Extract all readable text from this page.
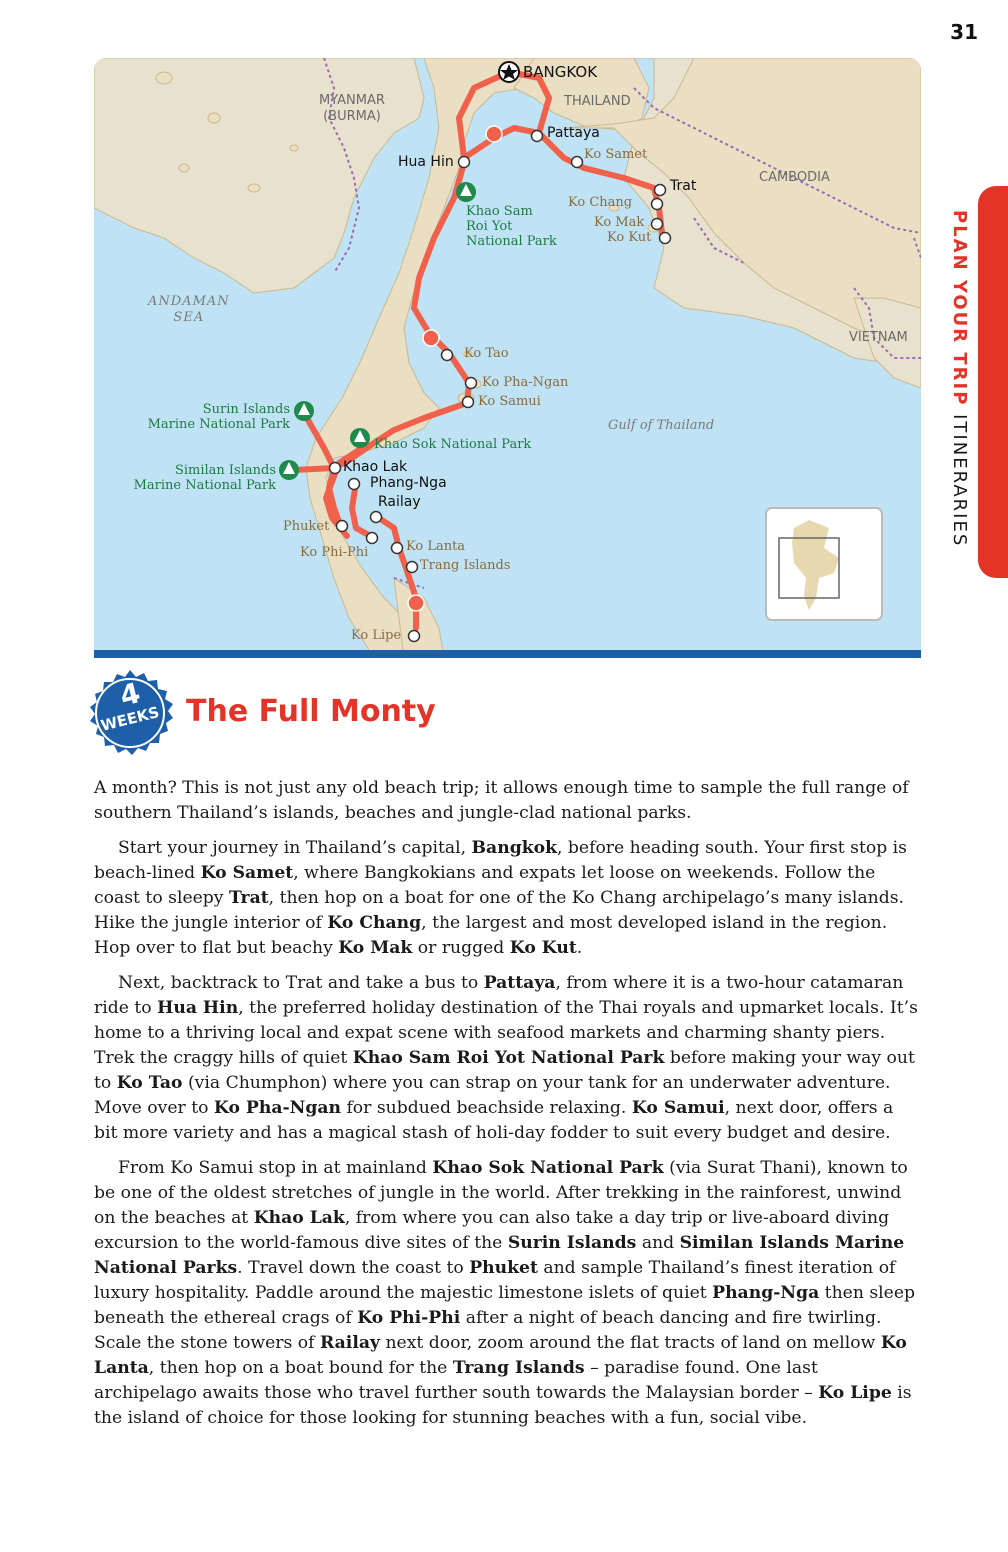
31
PLAN YOUR TRIP ITINERARIES
MYANMAR
(BURMA)
THAILAND
CAMBODIA
VIETNAM
ANDAMAN
SEA
Gulf of Thailand
BANGKOK
Pattaya
Ko Samet
Trat
Ko Chang
Ko Mak
Ko Kut
Hua Hin
Khao Sam
Roi Yot
National Park
Ko Tao
Ko Pha-Ngan
Ko Samui
Khao Sok National Park
Surin Islands
Marine National Park
Similan Islands
Marine National Park
Khao Lak
Phang-Nga
Railay
Phuket
Ko Phi-Phi	Ko Lanta
Trang Islands
Ko Lipe
4
WEEKS The Full Monty

A month? This is not just any old beach trip; it allows enough time to sample the full range of southern Thailand’s islands, beaches and jungle-clad national parks.

Start your journey in Thailand’s capital, Bangkok, before heading south. Your first stop is beach-lined Ko Samet, where Bangkokians and expats let loose on weekends. Follow the coast to sleepy Trat, then hop on a boat for one of the Ko Chang archipelago’s many islands. Hike the jungle interior of Ko Chang, the largest and most developed island in the region. Hop over to flat but beachy Ko Mak or rugged Ko Kut.

Next, backtrack to Trat and take a bus to Pattaya, from where it is a two-hour catamaran ride to Hua Hin, the preferred holiday destination of the Thai royals and upmarket locals. It’s home to a thriving local and expat scene with seafood markets and charming shanty piers. Trek the craggy hills of quiet Khao Sam Roi Yot National Park before making your way out to Ko Tao (via Chumphon) where you can strap on your tank for an underwater adventure. Move over to Ko Pha-Ngan for subdued beachside relaxing. Ko Samui, next door, offers a bit more variety and has a magical stash of holi-day fodder to suit every budget and desire.

From Ko Samui stop in at mainland Khao Sok National Park (via Surat Thani), known to be one of the oldest stretches of jungle in the world. After trekking in the rainforest, unwind on the beaches at Khao Lak, from where you can also take a day trip or live-aboard diving excursion to the world-famous dive sites of the Surin Islands and Similan Islands Marine National Parks. Travel down the coast to Phuket and sample Thailand’s finest iteration of luxury hospitality. Paddle around the majestic limestone islets of quiet Phang-Nga then sleep beneath the ethereal crags of Ko Phi-Phi after a night of beach dancing and fire twirling. Scale the stone towers of Railay next door, zoom around the flat tracts of land on mellow Ko Lanta, then hop on a boat bound for the Trang Islands – paradise found. One last archipelago awaits those who travel further south towards the Malaysian border – Ko Lipe is the island of choice for those looking for stunning beaches with a fun, social vibe.
